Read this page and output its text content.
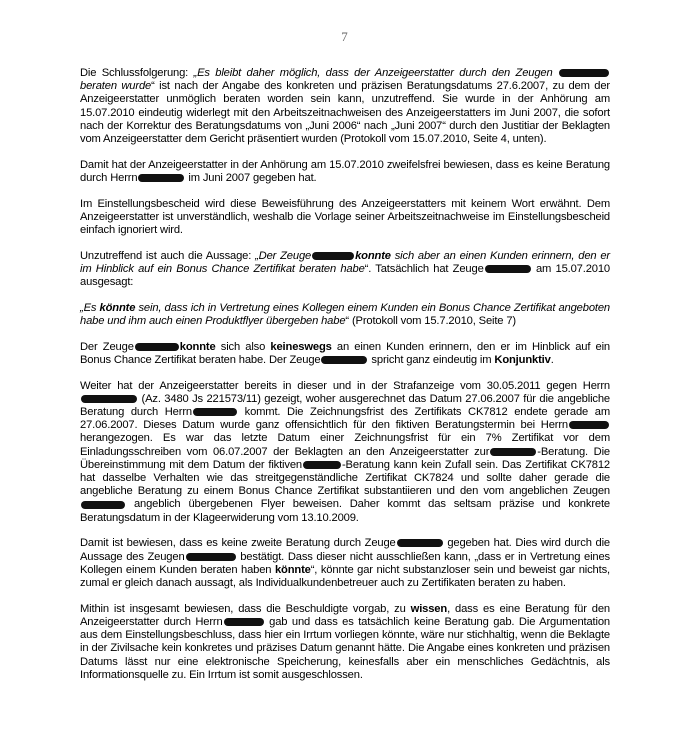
7

Die Schlussfolgerung: „Es bleibt daher möglich, dass der Anzeigeerstatter durch den Zeugen beraten wurde“ ist nach der Angabe des konkreten und präzisen Beratungsdatums 27.6.2007, zu dem der Anzeigeerstatter unmöglich beraten worden sein kann, unzutreffend. Sie wurde in der Anhörung am 15.07.2010 eindeutig widerlegt mit den Arbeitszeitnachweisen des Anzeigeerstatters im Juni 2007, die sofort nach der Korrektur des Beratungsdatums von „Juni 2006“ nach „Juni 2007“ durch den Justitiar der Beklagten vom Anzeigeerstatter dem Gericht präsentiert wurden (Protokoll vom 15.07.2010, Seite 4, unten).

Damit hat der Anzeigeerstatter in der Anhörung am 15.07.2010 zweifelsfrei bewiesen, dass es keine Beratung durch Herrn	im Juni 2007 gegeben hat.

Im Einstellungsbescheid wird diese Beweisführung des Anzeigeerstatters mit keinem Wort erwähnt. Dem Anzeigeerstatter ist unverständlich, weshalb die Vorlage seiner Arbeitszeitnachweise im Einstellungsbescheid einfach ignoriert wird.

Unzutreffend ist auch die Aussage: „Der Zeuge	konnte sich aber an einen Kunden erinnern, den er im Hinblick auf ein Bonus Chance Zertifikat beraten habe“. Tatsächlich hat Zeuge	am 15.07.2010 ausgesagt:

„Es könnte sein, dass ich in Vertretung eines Kollegen einem Kunden ein Bonus Chance Zertifikat angeboten habe und ihm auch einen Produktflyer übergeben habe“ (Protokoll vom 15.7.2010, Seite 7)

Der Zeuge	konnte sich also keineswegs an einen Kunden erinnern, den er im Hinblick auf ein Bonus Chance Zertifikat beraten habe. Der Zeuge	spricht ganz eindeutig im Konjunktiv.

Weiter hat der Anzeigeerstatter bereits in dieser und in der Strafanzeige vom 30.05.2011 gegen Herrn (Az. 3480 Js 221573/11) gezeigt, woher ausgerechnet das Datum 27.06.2007 für die angebliche Beratung durch Herrn	kommt. Die Zeichnungsfrist des Zertifikats CK7812 endete gerade am 27.06.2007. Dieses Datum wurde ganz offensichtlich für den fiktiven Beratungstermin bei Herrn herangezogen. Es war das letzte Datum einer Zeichnungsfrist für ein 7% Zertifikat vor dem Einladungsschreiben vom 06.07.2007 der Beklagten an den Anzeigeerstatter zur	-Beratung. Die Übereinstimmung mit dem Datum der fiktiven	-Beratung kann kein Zufall sein. Das Zertifikat CK7812 hat dasselbe Verhalten wie das streitgegenständliche Zertifikat CK7824 und sollte daher gerade die angebliche Beratung zu einem Bonus Chance Zertifikat substantiieren und den vom angeblichen Zeugen angeblich übergebenen Flyer beweisen. Daher kommt das seltsam präzise und konkrete Beratungsdatum in der Klageerwiderung vom 13.10.2009.

Damit ist bewiesen, dass es keine zweite Beratung durch Zeuge	gegeben hat. Dies wird durch die Aussage des Zeugen	bestätigt. Dass dieser nicht ausschließen kann, „dass er in Vertretung eines Kollegen einem Kunden beraten haben könnte“, könnte gar nicht substanzloser sein und beweist gar nichts, zumal er gleich danach aussagt, als Individualkundenbetreuer auch zu Zertifikaten beraten zu haben.

Mithin ist insgesamt bewiesen, dass die Beschuldigte vorgab, zu wissen, dass es eine Beratung für den Anzeigeerstatter durch Herrn	gab und dass es tatsächlich keine Beratung gab. Die Argumentation aus dem Einstellungsbeschluss, dass hier ein Irrtum vorliegen könnte, wäre nur stichhaltig, wenn die Beklagte in der Zivilsache kein konkretes und präzises Datum genannt hätte. Die Angabe eines konkreten und präzisen Datums lässt nur eine elektronische Speicherung, keinesfalls aber ein menschliches Gedächtnis, als Informationsquelle zu. Ein Irrtum ist somit ausgeschlossen.
